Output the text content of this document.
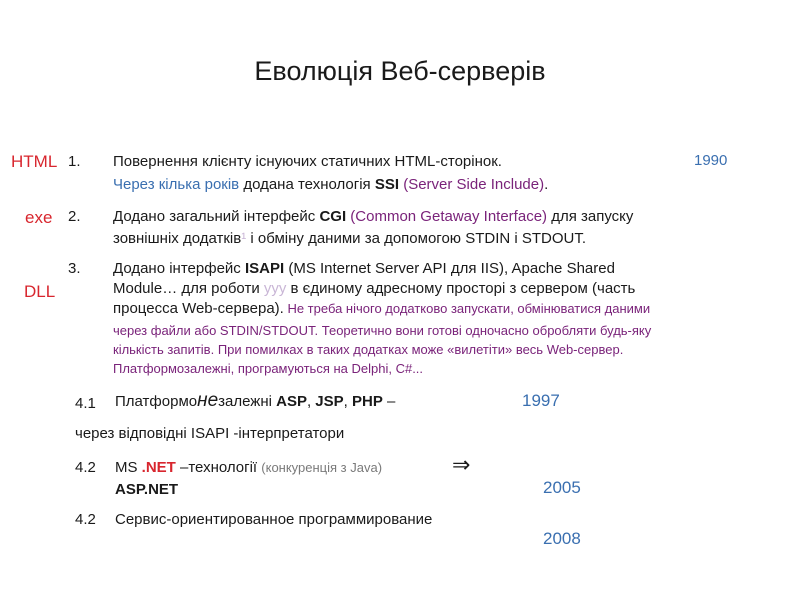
Еволюція Веб-серверів
HTML
exe
DLL
1. Повернення клієнту існуючих статичних HTML-сторінок.	1990
Через кілька років додана технологія SSI (Server Side Include).
2. Додано загальний інтерфейс CGI (Common Getaway Interface) для запуску
зовнішніх додатків¹ і обміну даними за допомогою STDIN і STDOUT.
3. Додано інтерфейс ISAPI (MS Internet Server API для IIS), Apache Shared
Module… для роботи yyy в єдиному адресному просторі з сервером (часть
процесса Web-сервера). Не треба нічого додатково запускати, обмінюватися даними
через файли або STDIN/STDOUT. Теоретично вони готові одночасно обробляти будь-яку
кількість запитів. При помилках в таких додатках може «вилетіти» весь Web-сервер.
Платформозалежні, програмуються на Delphi, C#...
4.1 Платформонезалежні ASP, JSP, PHP –	1997
через відповідні ISAPI -інтерпретатори
4.2 MS .NET –технології (конкуренція з Java)	⇒
ASP.NET	2005
4.2 Сервис-ориентированное программирование
2008
